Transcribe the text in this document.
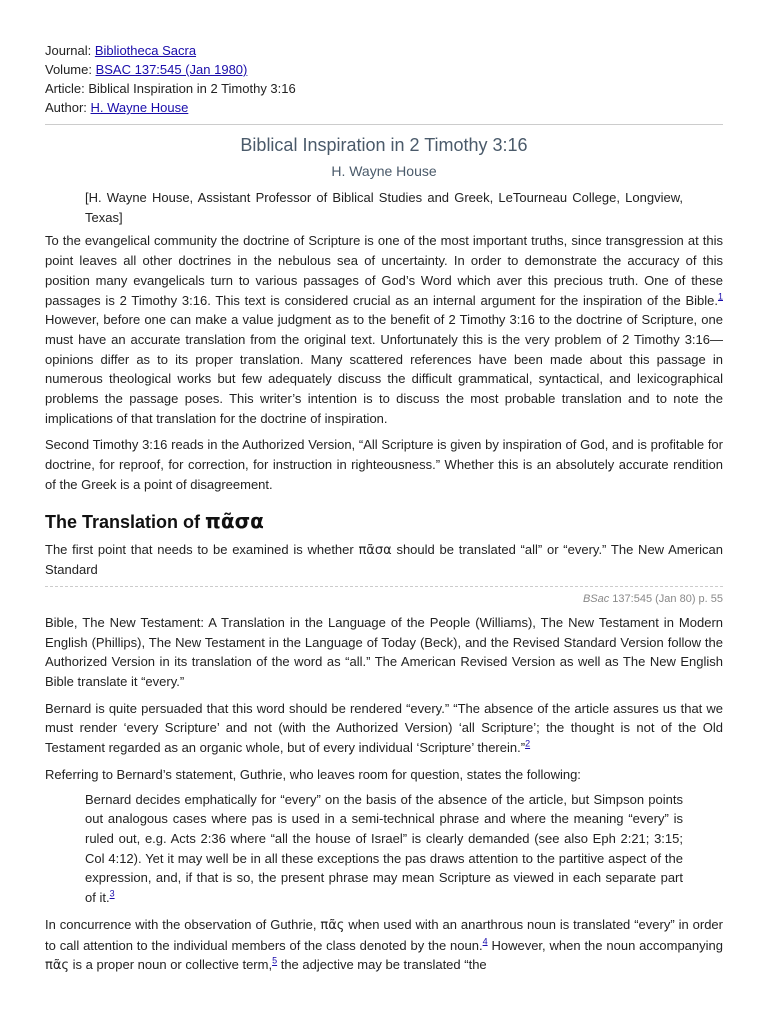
Journal: Bibliotheca Sacra
Volume: BSAC 137:545 (Jan 1980)
Article: Biblical Inspiration in 2 Timothy 3:16
Author: H. Wayne House
Biblical Inspiration in 2 Timothy 3:16
H. Wayne House

[H. Wayne House, Assistant Professor of Biblical Studies and Greek, LeTourneau College, Longview, Texas]

To the evangelical community the doctrine of Scripture is one of the most important truths, since transgression at this point leaves all other doctrines in the nebulous sea of uncertainty. In order to demonstrate the accuracy of this position many evangelicals turn to various passages of God’s Word which aver this precious truth. One of these passages is 2 Timothy 3:16. This text is considered crucial as an internal argument for the inspiration of the Bible.$^1$ However, before one can make a value judgment as to the benefit of 2 Timothy 3:16 to the doctrine of Scripture, one must have an accurate translation from the original text. Unfortunately this is the very problem of 2 Timothy 3:16—opinions differ as to its proper translation. Many scattered references have been made about this passage in numerous theological works but few adequately discuss the difficult grammatical, syntactical, and lexicographical problems the passage poses. This writer’s intention is to discuss the most probable translation and to note the implications of that translation for the doctrine of inspiration.

Second Timothy 3:16 reads in the Authorized Version, “All Scripture is given by inspiration of God, and is profitable for doctrine, for reproof, for correction, for instruction in righteousness.” Whether this is an absolutely accurate rendition of the Greek is a point of disagreement.

The Translation of πᾶσα

The first point that needs to be examined is whether πᾶσα should be translated “all” or “every.” The New American Standard

BSac 137:545 (Jan 80) p. 55

Bible, The New Testament: A Translation in the Language of the People (Williams), The New Testament in Modern English (Phillips), The New Testament in the Language of Today (Beck), and the Revised Standard Version follow the Authorized Version in its translation of the word as “all.” The American Revised Version as well as The New English Bible translate it “every.”

Bernard is quite persuaded that this word should be rendered “every.” “The absence of the article assures us that we must render ‘every Scripture’ and not (with the Authorized Version) ‘all Scripture’; the thought is not of the Old Testament regarded as an organic whole, but of every individual ‘Scripture’ therein.”$^2$

Referring to Bernard’s statement, Guthrie, who leaves room for question, states the following:

Bernard decides emphatically for “every” on the basis of the absence of the article, but Simpson points out analogous cases where pas is used in a semi-technical phrase and where the meaning “every” is ruled out, e.g. Acts 2:36 where “all the house of Israel” is clearly demanded (see also Eph 2:21; 3:15; Col 4:12). Yet it may well be in all these exceptions the pas draws attention to the partitive aspect of the expression, and, if that is so, the present phrase may mean Scripture as viewed in each separate part of it.$^3$

In concurrence with the observation of Guthrie, πᾶς when used with an anarthrous noun is translated “every” in order to call attention to the individual members of the class denoted by the noun.$^4$ However, when the noun accompanying πᾶς is a proper noun or collective term,$^5$ the adjective may be translated “the
